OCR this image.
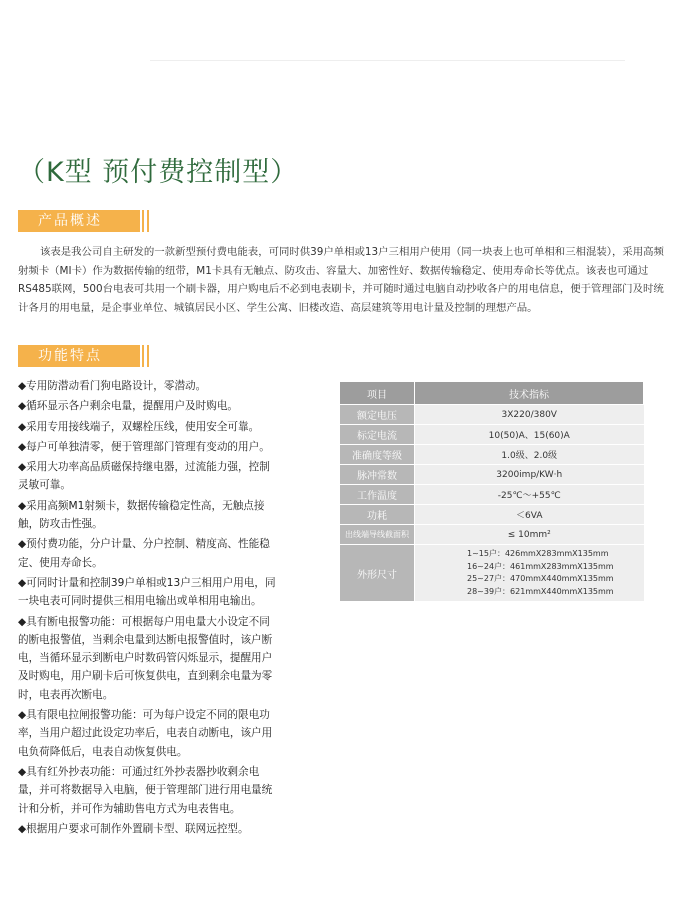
（K型 预付费控制型）
产品概述

该表是我公司自主研发的一款新型预付费电能表，可同时供39户单相或13户三相用户使用（同一块表上也可单相和三相混装），采用高频射频卡（MI卡）作为数据传输的纽带，M1卡具有无触点、防攻击、容量大、加密性好、数据传输稳定、使用寿命长等优点。该表也可通过RS485联网，500台电表可共用一个刷卡器，用户购电后不必到电表刷卡，并可随时通过电脑自动抄收各户的用电信息，便于管理部门及时统计各月的用电量，是企事业单位、城镇居民小区、学生公寓、旧楼改造、高层建筑等用电计量及控制的理想产品。

功能特点
◆专用防潜动看门狗电路设计，零潜动。
◆循环显示各户剩余电量，提醒用户及时购电。
◆采用专用接线端子，双螺栓压线，使用安全可靠。
◆每户可单独清零，便于管理部门管理有变动的用户。
◆采用大功率高品质磁保持继电器，过流能力强，控制灵敏可靠。
◆采用高频M1射频卡，数据传输稳定性高，无触点接触，防攻击性强。
◆预付费功能，分户计量、分户控制、精度高、性能稳定、使用寿命长。
◆可同时计量和控制39户单相或13户三相用户用电，同一块电表可同时提供三相用电输出或单相用电输出。
◆具有断电报警功能：可根据每户用电量大小设定不同的断电报警值，当剩余电量到达断电报警值时，该户断电，当循环显示到断电户时数码管闪烁显示，提醒用户及时购电，用户刷卡后可恢复供电，直到剩余电量为零时，电表再次断电。
◆具有限电拉闸报警功能：可为每户设定不同的限电功率，当用户超过此设定功率后，电表自动断电，该户用电负荷降低后，电表自动恢复供电。
◆具有红外抄表功能：可通过红外抄表器抄收剩余电量，并可将数据导入电脑，便于管理部门进行用电量统计和分析，并可作为辅助售电方式为电表售电。
◆根据用户要求可制作外置刷卡型、联网远控型。
项目	技术指标
额定电压	3X220/380V
标定电流	10(50)A、15(60)A
准确度等级	1.0级、2.0级
脉冲常数	3200imp/KW·h
工作温度	-25℃～+55℃
功耗	＜6VA
出线端导线截面积	≤ 10mm²
外形尺寸	1~15户：426mmX283mmX135mm
16~24户：461mmX283mmX135mm
25~27户：470mmX440mmX135mm
28~39户：621mmX440mmX135mm
